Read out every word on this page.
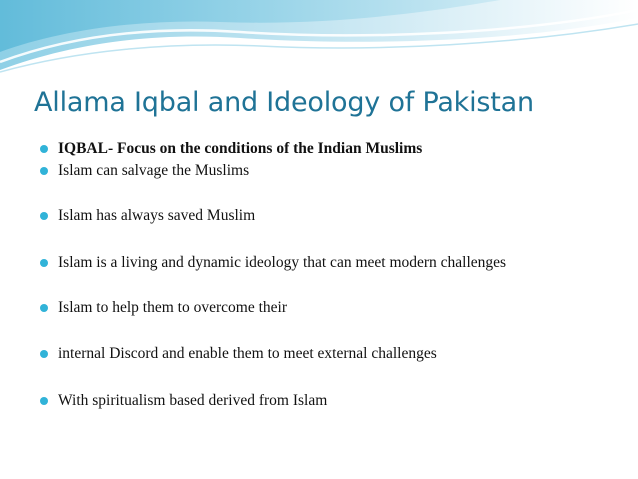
Allama Iqbal and Ideology of Pakistan
IQBAL- Focus on the conditions of the Indian Muslims
Islam can salvage the Muslims
Islam has always saved Muslim
Islam is a living and dynamic ideology that can meet modern challenges
Islam to help them to overcome their
internal Discord and enable them to meet external challenges
With spiritualism based derived from Islam
